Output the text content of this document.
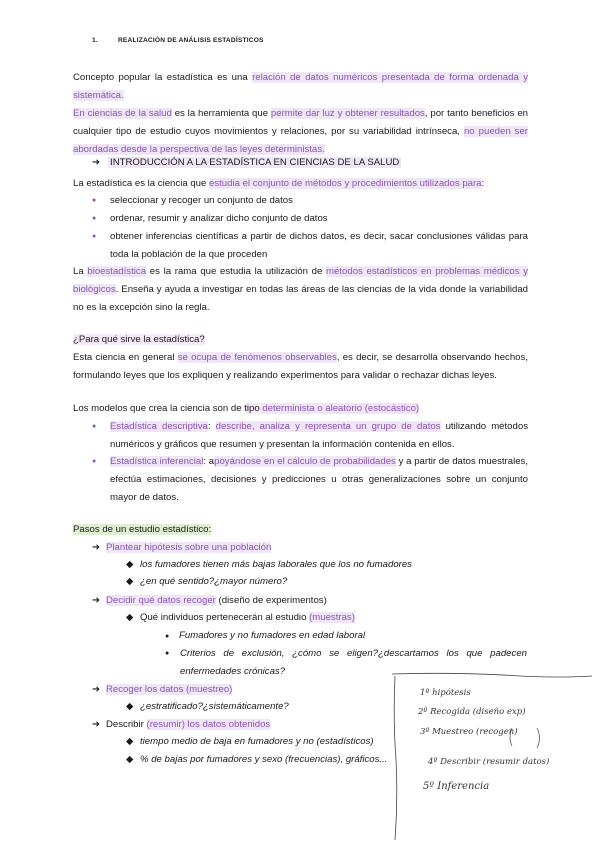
1.	REALIZACIÓN DE ANÁLISIS ESTADÍSTICOS
Concepto popular la estadística es una relación de datos numéricos presentada de forma ordenada y sistemática.
En ciencias de la salud es la herramienta que permite dar luz y obtener resultados, por tanto beneficios en cualquier tipo de estudio cuyos movimientos y relaciones, por su variabilidad intrínseca, no pueden ser abordadas desde la perspectiva de las leyes deterministas.
➔ INTRODUCCIÓN A LA ESTADÍSTICA EN CIENCIAS DE LA SALUD
La estadística es la ciencia que estudia el conjunto de métodos y procedimientos utilizados para:
● seleccionar y recoger un conjunto de datos
● ordenar, resumir y analizar dicho conjunto de datos
● obtener inferencias científicas a partir de dichos datos, es decir, sacar conclusiones válidas para toda la población de la que proceden
La bioestadística es la rama que estudia la utilización de métodos estadísticos en problemas médicos y biológicos. Enseña y ayuda a investigar en todas las áreas de las ciencias de la vida donde la variabilidad no es la excepción sino la regla.
¿Para qué sirve la estadística?
Esta ciencia en general se ocupa de fenómenos observables, es decir, se desarrolla observando hechos, formulando leyes que los expliquen y realizando experimentos para validar o rechazar dichas leyes.
Los modelos que crea la ciencia son de tipo determinista o aleatorio (estocástico)
● Estadística descriptiva: describe, analiza y representa un grupo de datos utilizando métodos numéricos y gráficos que resumen y presentan la información contenida en ellos.
● Estadística inferencial: apoyándose en el cálculo de probabilidades y a partir de datos muestrales, efectúa estimaciones, decisiones y predicciones u otras generalizaciones sobre un conjunto mayor de datos.
Pasos de un estudio estadístico:
➔ Plantear hipótesis sobre una población
◆ los fumadores tienen más bajas laborales que los no fumadores
◆ ¿en qué sentido?¿mayor número?
➔ Decidir qué datos recoger (diseño de experimentos)
◆ Qué individuos pertenecerán al estudio (muestras)
● Fumadores y no fumadores en edad laboral
● Criterios de exclusión, ¿cómo se eligen?¿descartamos los que padecen enfermedades crónicas?
➔ Recoger los datos (muestreo)
◆ ¿estratificado?¿sistemáticamente?
➔ Describir (resumir) los datos obtenidos
◆ tiempo medio de baja en fumadores y no (estadísticos)
◆ % de bajas por fumadores y sexo (frecuencias), gráficos...
1º hipótesis
2º Recogida (diseño exp)
3º Muestreo (recogen)
4º Describir (resumir datos)
5º Inferencia
